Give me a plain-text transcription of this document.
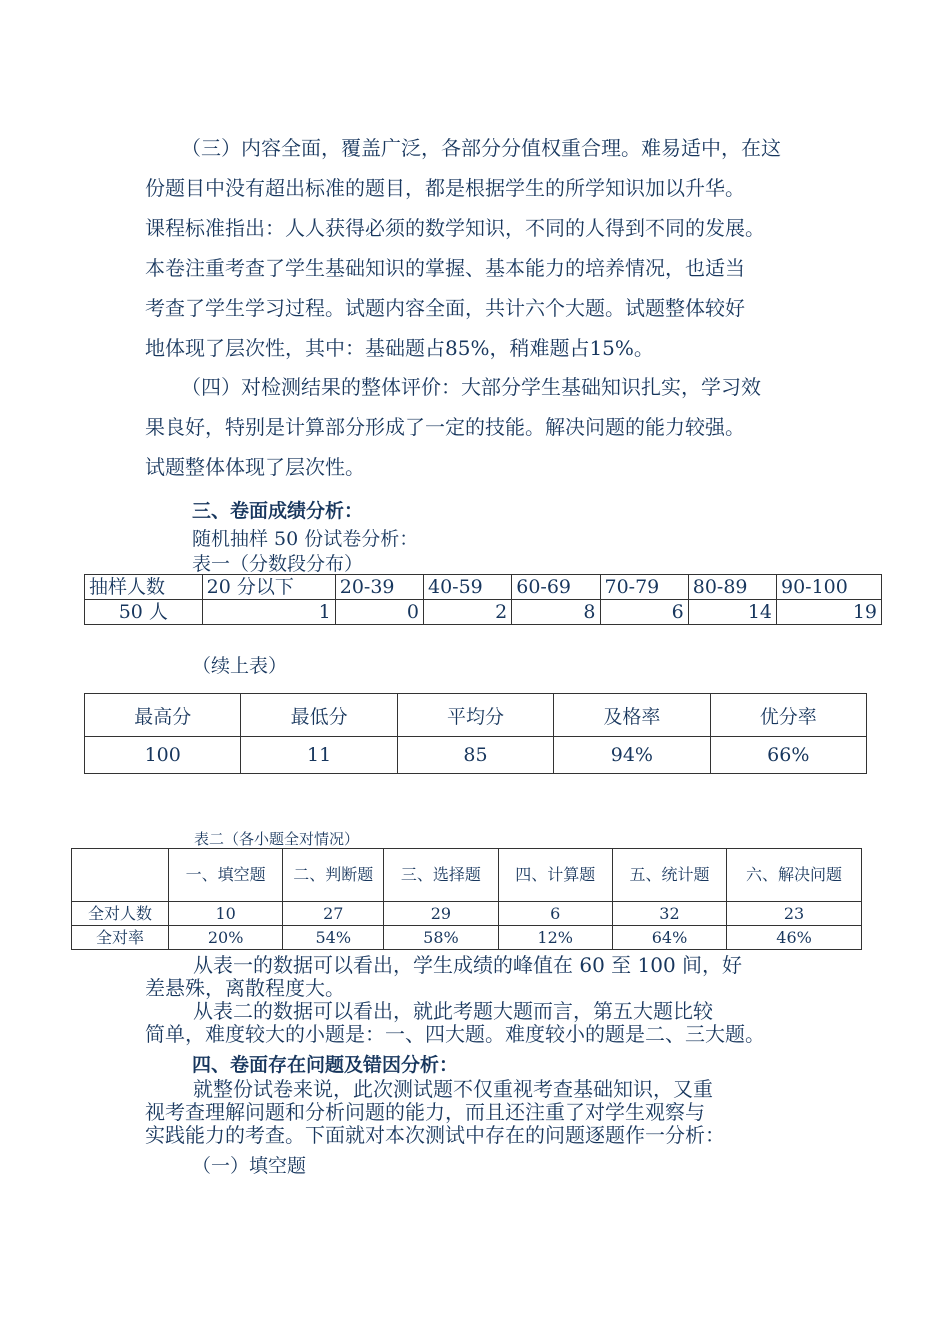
（三）内容全面，覆盖广泛，各部分分值权重合理。难易适中，在这
份题目中没有超出标准的题目，都是根据学生的所学知识加以升华。
课程标准指出：人人获得必须的数学知识，不同的人得到不同的发展。
本卷注重考查了学生基础知识的掌握、基本能力的培养情况，也适当
考查了学生学习过程。试题内容全面，共计六个大题。试题整体较好
地体现了层次性，其中：基础题占85%，稍难题占15%。
（四）对检测结果的整体评价：大部分学生基础知识扎实，学习效
果良好，特别是计算部分形成了一定的技能。解决问题的能力较强。
试题整体体现了层次性。
三、卷面成绩分析：
随机抽样 50 份试卷分析：
表一（分数段分布）
抽样人数	20 分以下	20-39	40-59	60-69	70-79	80-89	90-100
50 人	1	0	2	8	6	14	19
（续上表）
最高分	最低分	平均分	及格率	优分率
100	11	85	94%	66%
表二（各小题全对情况）
	一、填空题	二、判断题	三、选择题	四、计算题	五、统计题	六、解决问题
全对人数	10	27	29	6	32	23
全对率	20%	54%	58%	12%	64%	46%
从表一的数据可以看出，学生成绩的峰值在 60 至 100 间，好
差悬殊，离散程度大。
从表二的数据可以看出，就此考题大题而言，第五大题比较
简单，难度较大的小题是：一、四大题。难度较小的题是二、三大题。
四、卷面存在问题及错因分析：
就整份试卷来说，此次测试题不仅重视考查基础知识，又重
视考查理解问题和分析问题的能力，而且还注重了对学生观察与
实践能力的考查。下面就对本次测试中存在的问题逐题作一分析：
（一）填空题
